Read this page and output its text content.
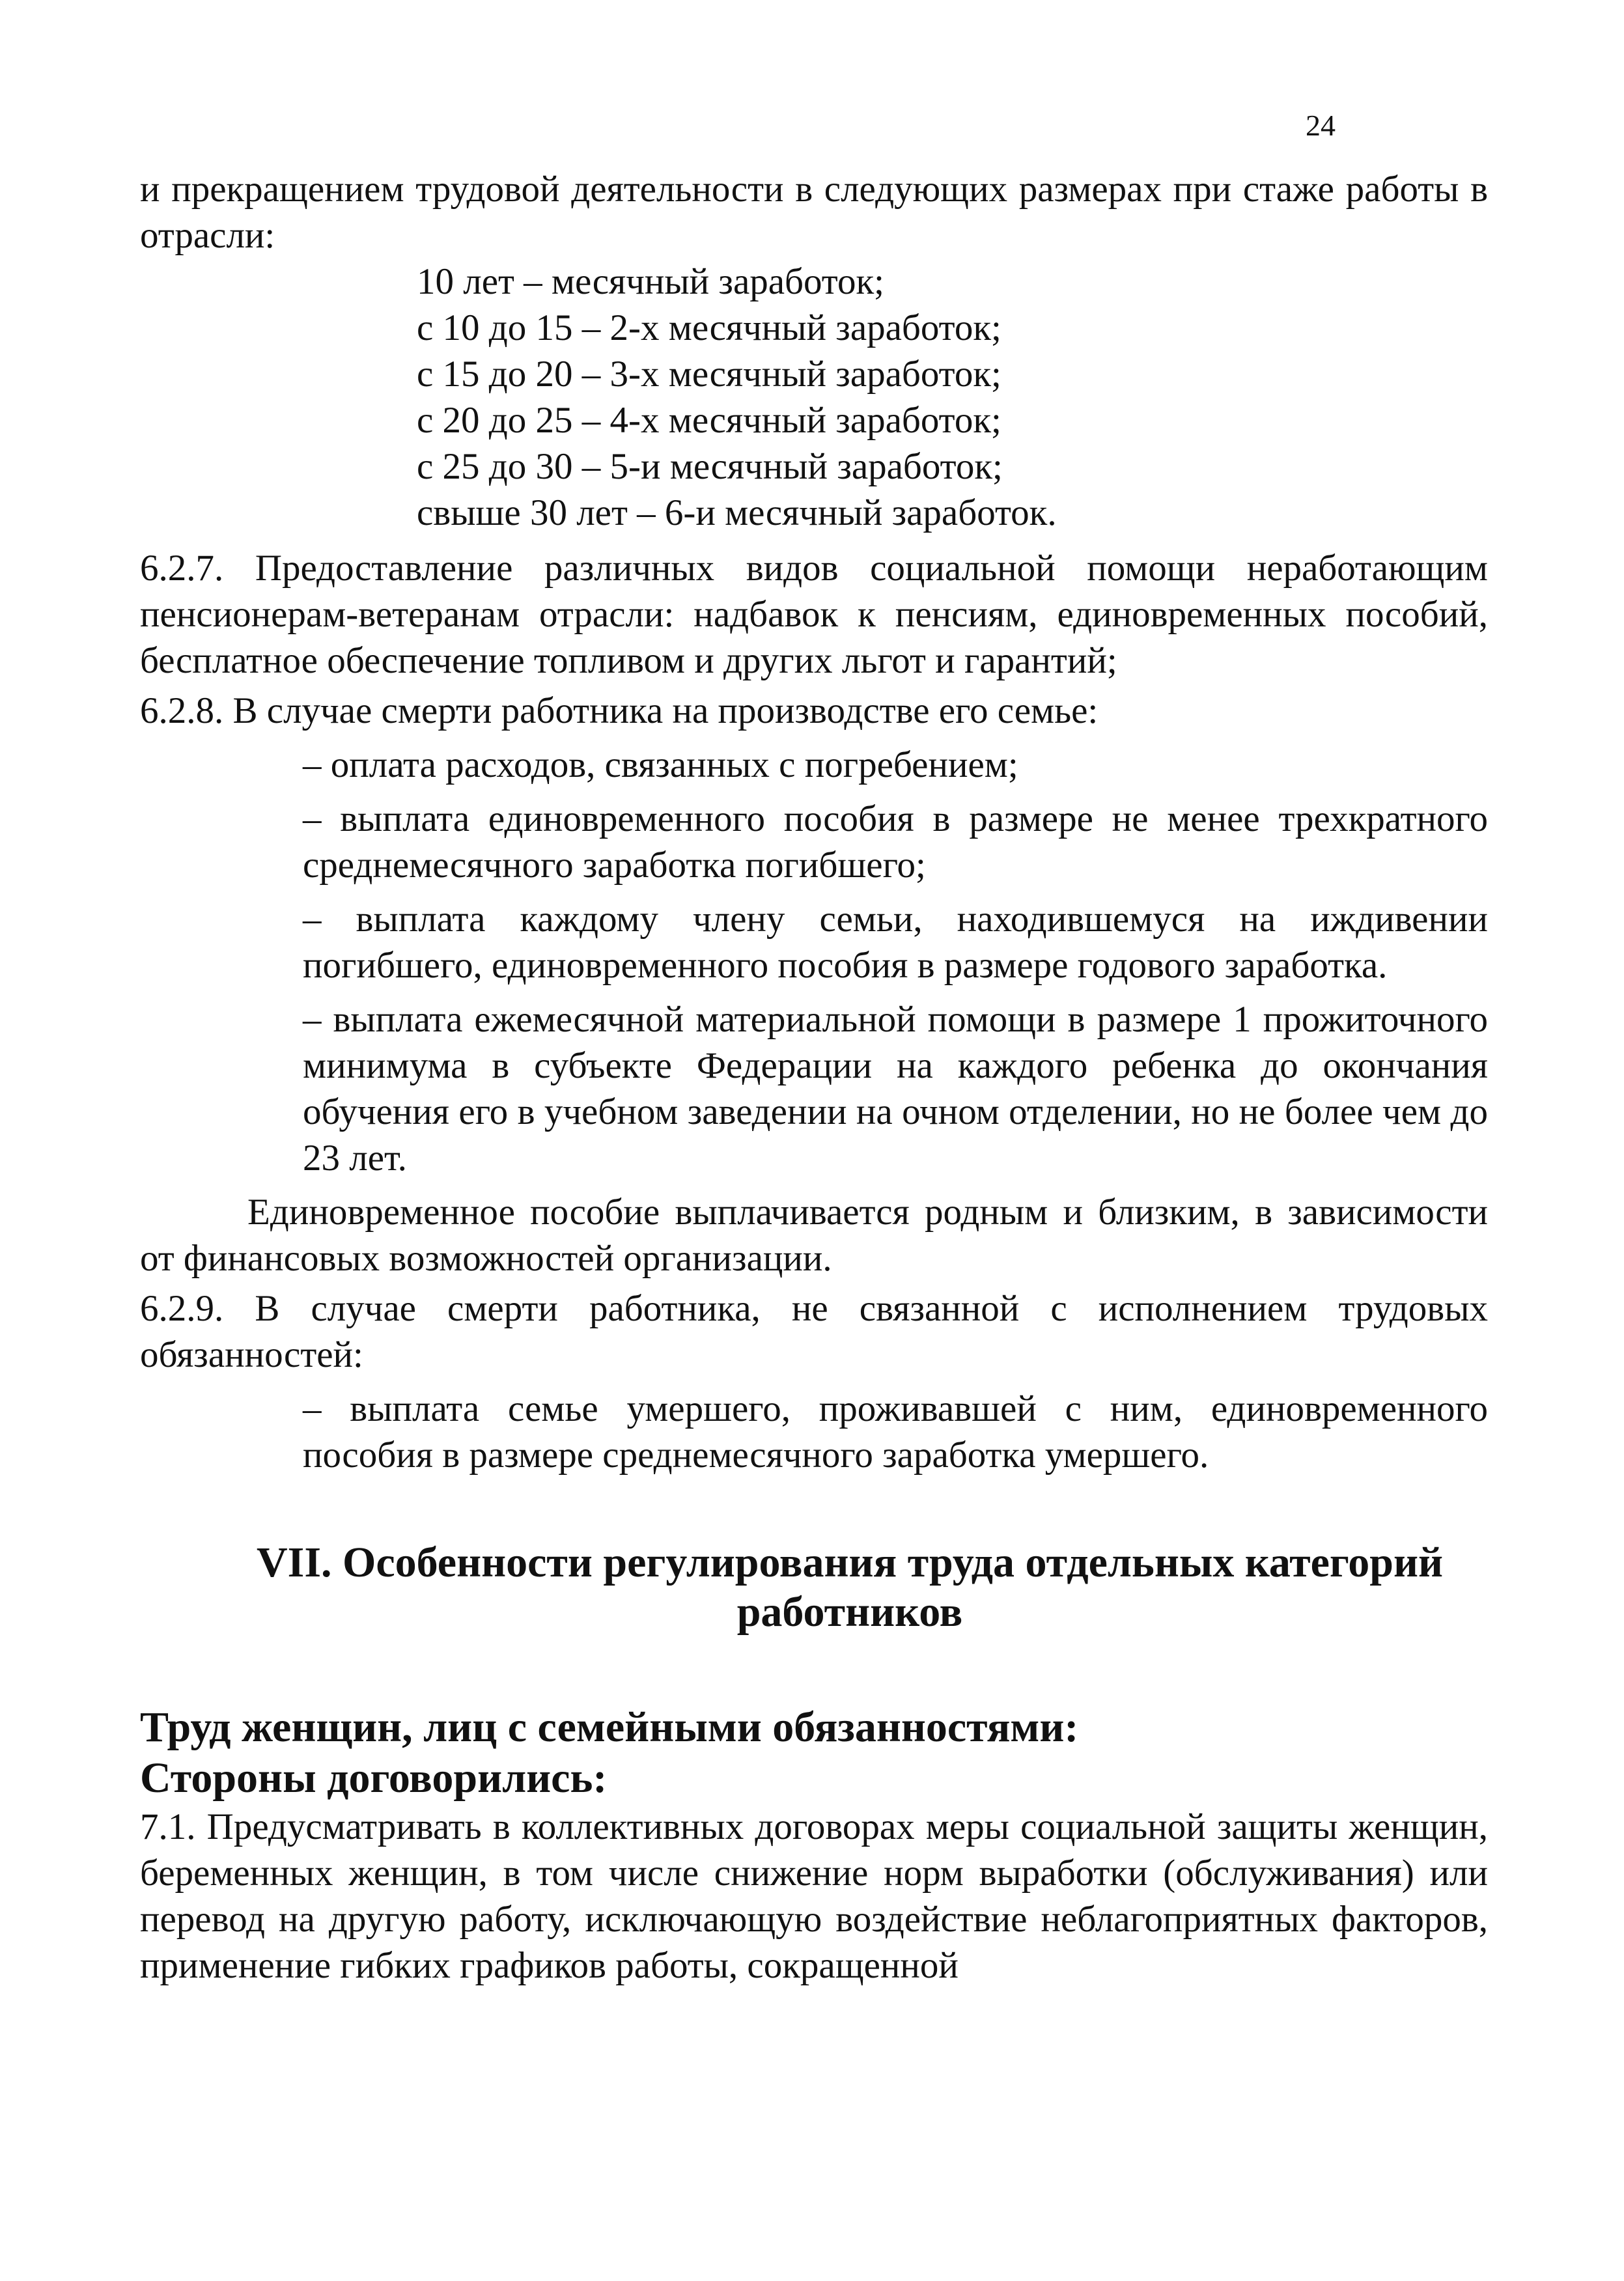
24

и прекращением трудовой деятельности в следующих размерах при стаже работы в отрасли:

10 лет – месячный заработок;
с 10 до 15 – 2-х месячный заработок;
с 15 до 20 – 3-х месячный заработок;
с 20 до 25 – 4-х месячный заработок;
с 25 до 30 – 5-и месячный заработок;
свыше 30 лет – 6-и месячный заработок.

6.2.7. Предоставление различных видов социальной помощи неработающим пенсионерам-ветеранам отрасли: надбавок к пенсиям, единовременных пособий, бесплатное обеспечение топливом и других льгот и гарантий;

6.2.8. В случае смерти работника на производстве его семье:

– оплата расходов, связанных с погребением;

– выплата единовременного пособия в размере не менее трехкратного среднемесячного заработка погибшего;

– выплата каждому члену семьи, находившемуся на иждивении погибшего, единовременного пособия в размере годового заработка.

– выплата ежемесячной материальной помощи в размере 1 прожиточного минимума в субъекте Федерации на каждого ребенка до окончания обучения его в учебном заведении на очном отделении, но не более чем до 23 лет.

Единовременное пособие выплачивается родным и близким, в зависимости от финансовых возможностей организации.

6.2.9. В случае смерти работника, не связанной с исполнением трудовых обязанностей:

– выплата семье умершего, проживавшей с ним, единовременного пособия в размере среднемесячного заработка умершего.

VII. Особенности регулирования труда отдельных категорий работников
Труд женщин, лиц с семейными обязанностями:
Стороны договорились:

7.1. Предусматривать в коллективных договорах меры социальной защиты женщин, беременных женщин, в том числе снижение норм выработки (обслуживания) или перевод на другую работу, исключающую воздействие неблагоприятных факторов, применение гибких графиков работы, сокращенной
